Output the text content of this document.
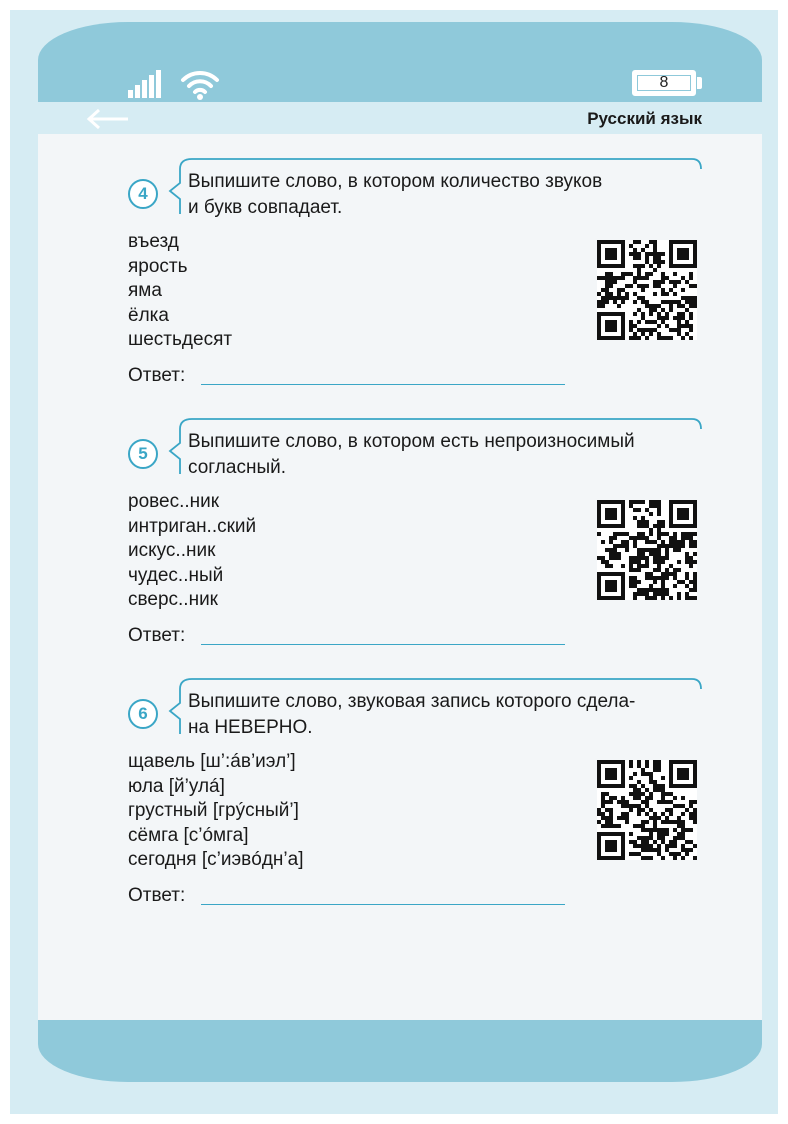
8
Русский язык
4
Выпишите слово, в котором количество звуков
и букв совпадает.
въезд
ярость
яма
ёлка
шестьдесят
Ответ:
5
Выпишите слово, в котором есть непроизносимый
согласный.
ровес..ник
интриган..ский
искус..ник
чудес..ный
сверс..ник
Ответ:
6
Выпишите слово, звуковая запись которого сдела-
на НЕВЕРНО.
щавель [ш’:áв’иэл’]
юла [й’улá]
грустный [грýсный’]
сёмга [с’óмга]
сегодня [с’иэвóдн’а]
Ответ:
